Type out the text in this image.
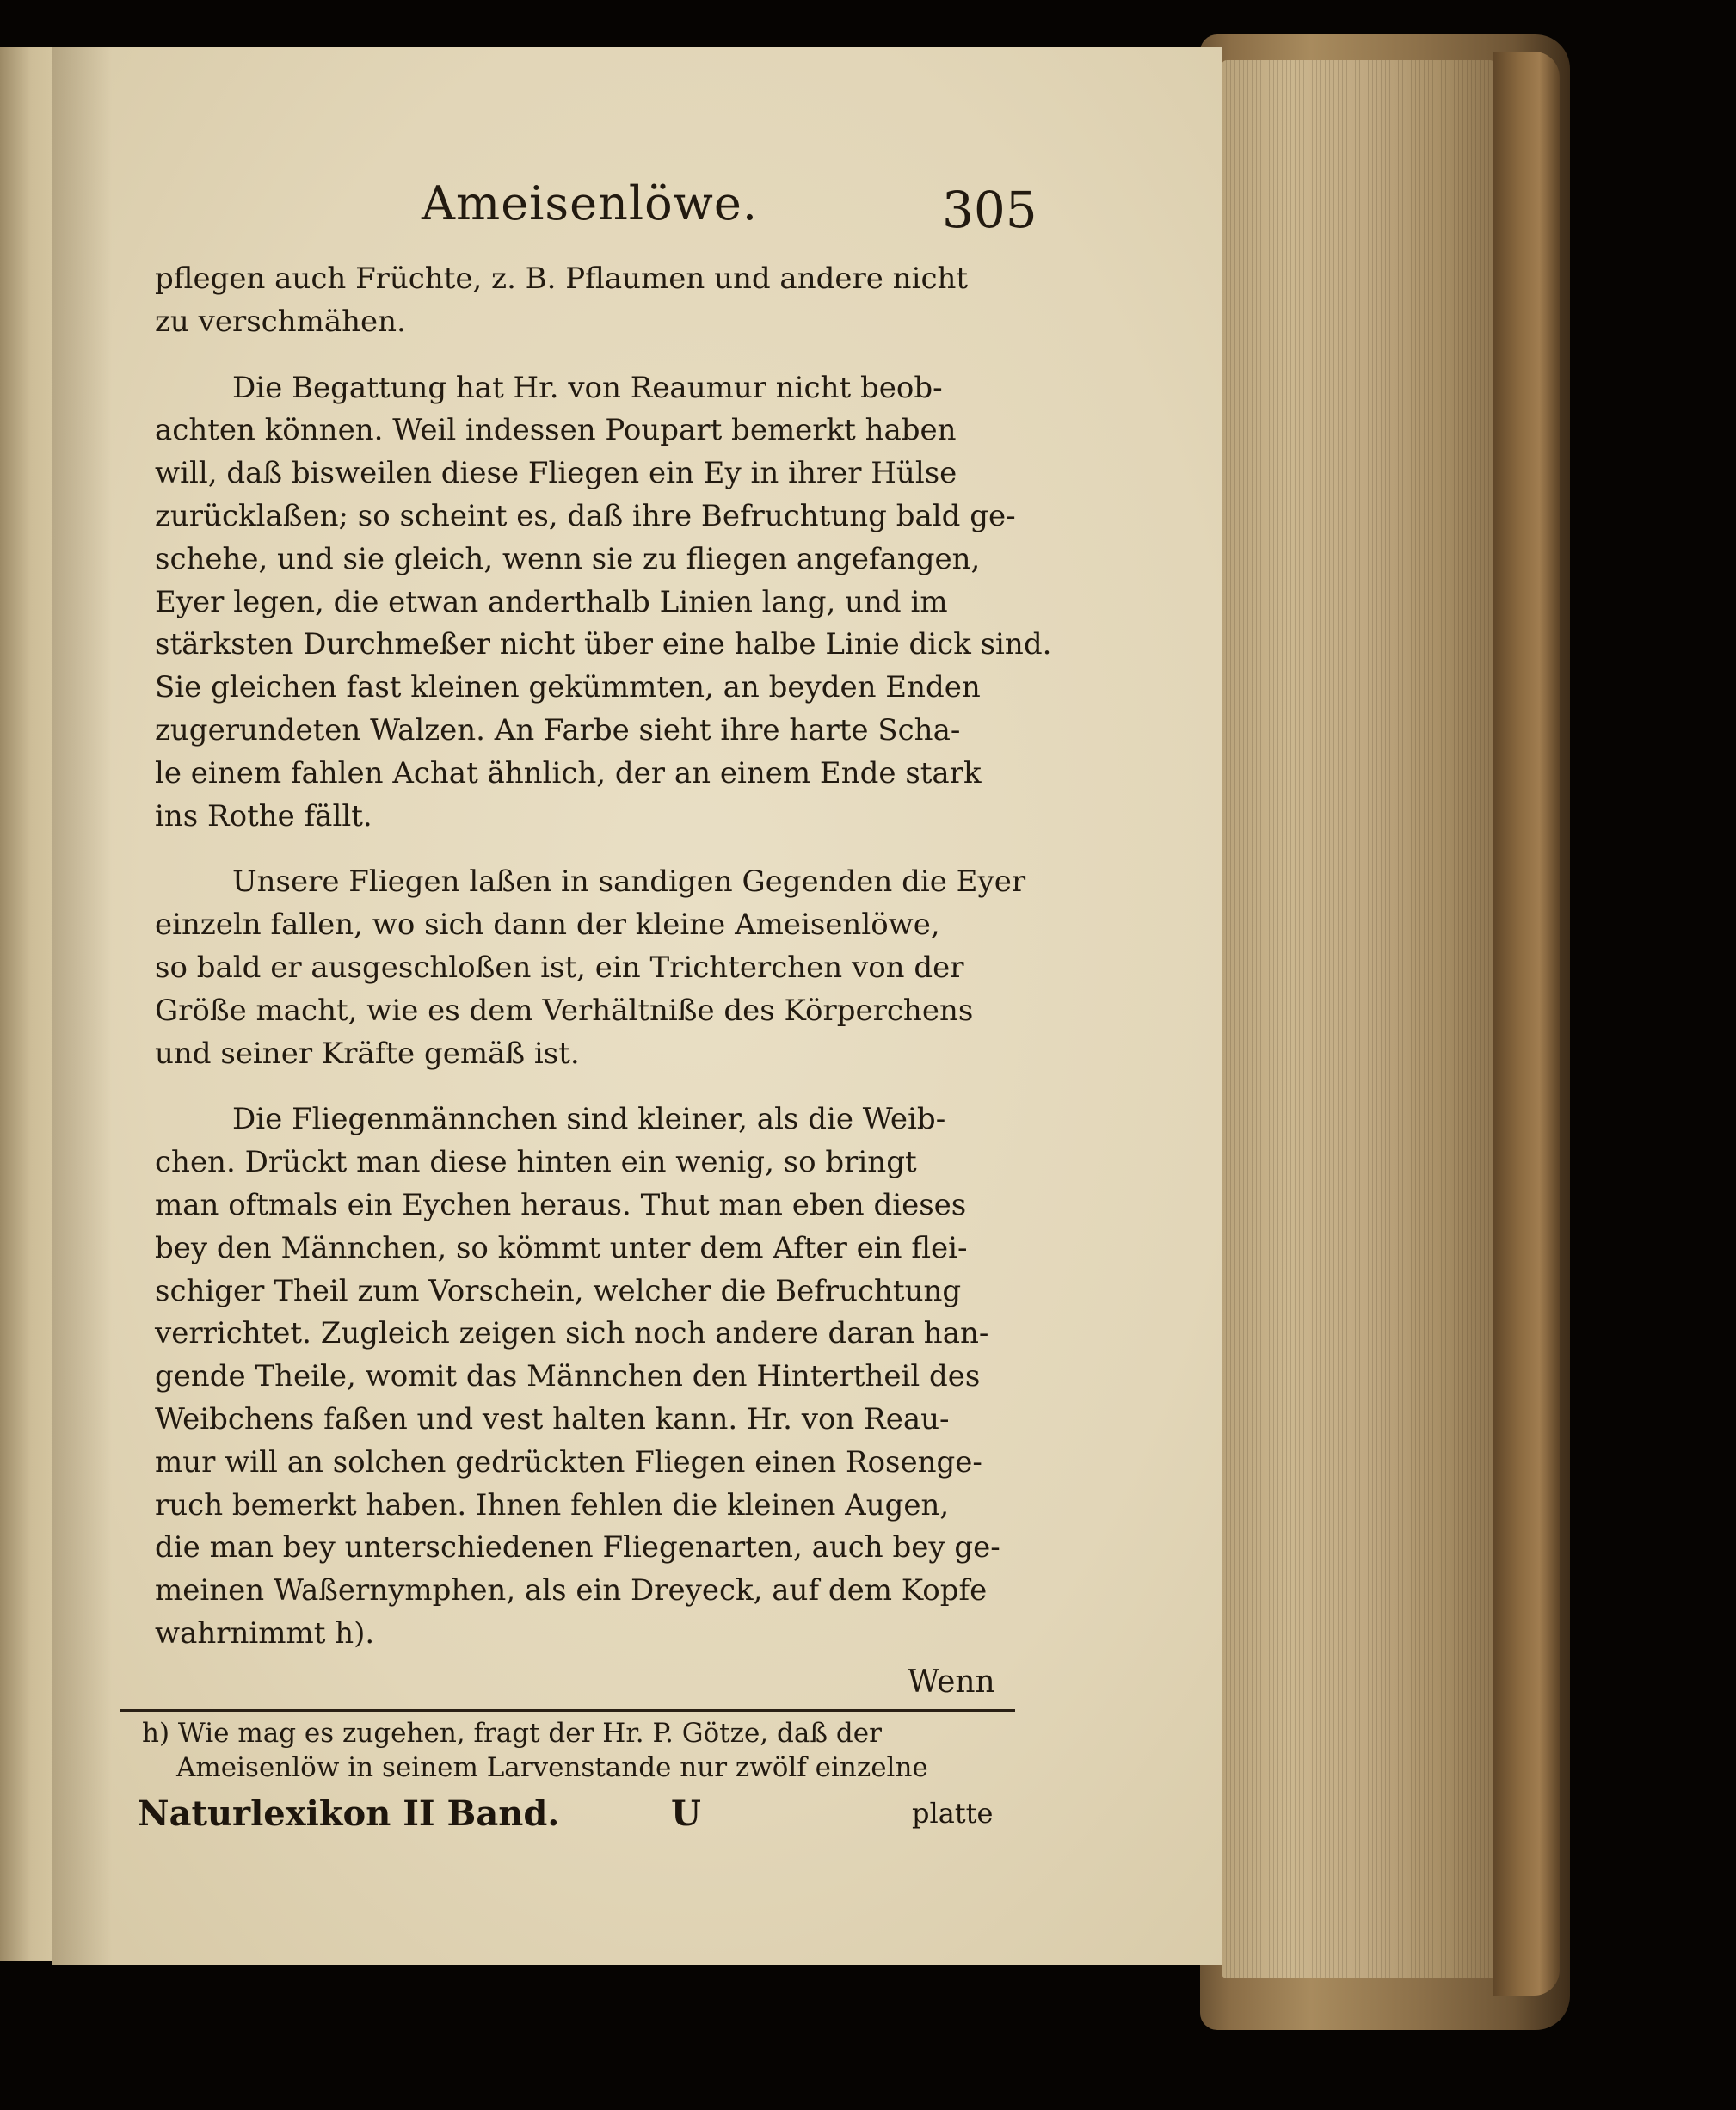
Ameisenlöwe.	305

pflegen auch Früchte, z. B. Pflaumen und andere nicht
zu verschmähen.

Die Begattung hat Hr. von Reaumur nicht beob-
achten können. Weil indessen Poupart bemerkt haben
will, daß bisweilen diese Fliegen ein Ey in ihrer Hülse
zurücklaßen; so scheint es, daß ihre Befruchtung bald ge-
schehe, und sie gleich, wenn sie zu fliegen angefangen,
Eyer legen, die etwan anderthalb Linien lang, und im
stärksten Durchmeßer nicht über eine halbe Linie dick sind.
Sie gleichen fast kleinen gekümmten, an beyden Enden
zugerundeten Walzen. An Farbe sieht ihre harte Scha-
le einem fahlen Achat ähnlich, der an einem Ende stark
ins Rothe fällt.

Unsere Fliegen laßen in sandigen Gegenden die Eyer
einzeln fallen, wo sich dann der kleine Ameisenlöwe,
so bald er ausgeschloßen ist, ein Trichterchen von der
Größe macht, wie es dem Verhältniße des Körperchens
und seiner Kräfte gemäß ist.

Die Fliegenmännchen sind kleiner, als die Weib-
chen. Drückt man diese hinten ein wenig, so bringt
man oftmals ein Eychen heraus. Thut man eben dieses
bey den Männchen, so kömmt unter dem After ein flei-
schiger Theil zum Vorschein, welcher die Befruchtung
verrichtet. Zugleich zeigen sich noch andere daran han-
gende Theile, womit das Männchen den Hintertheil des
Weibchens faßen und vest halten kann. Hr. von Reau-
mur will an solchen gedrückten Fliegen einen Rosenge-
ruch bemerkt haben. Ihnen fehlen die kleinen Augen,
die man bey unterschiedenen Fliegenarten, auch bey ge-
meinen Waßernymphen, als ein Dreyeck, auf dem Kopfe
wahrnimmt h).

Wenn
h) Wie mag es zugehen, fragt der Hr. P. Götze, daß der
Ameisenlöw in seinem Larvenstande nur zwölf einzelne
Naturlexikon II Band.	U	platte
